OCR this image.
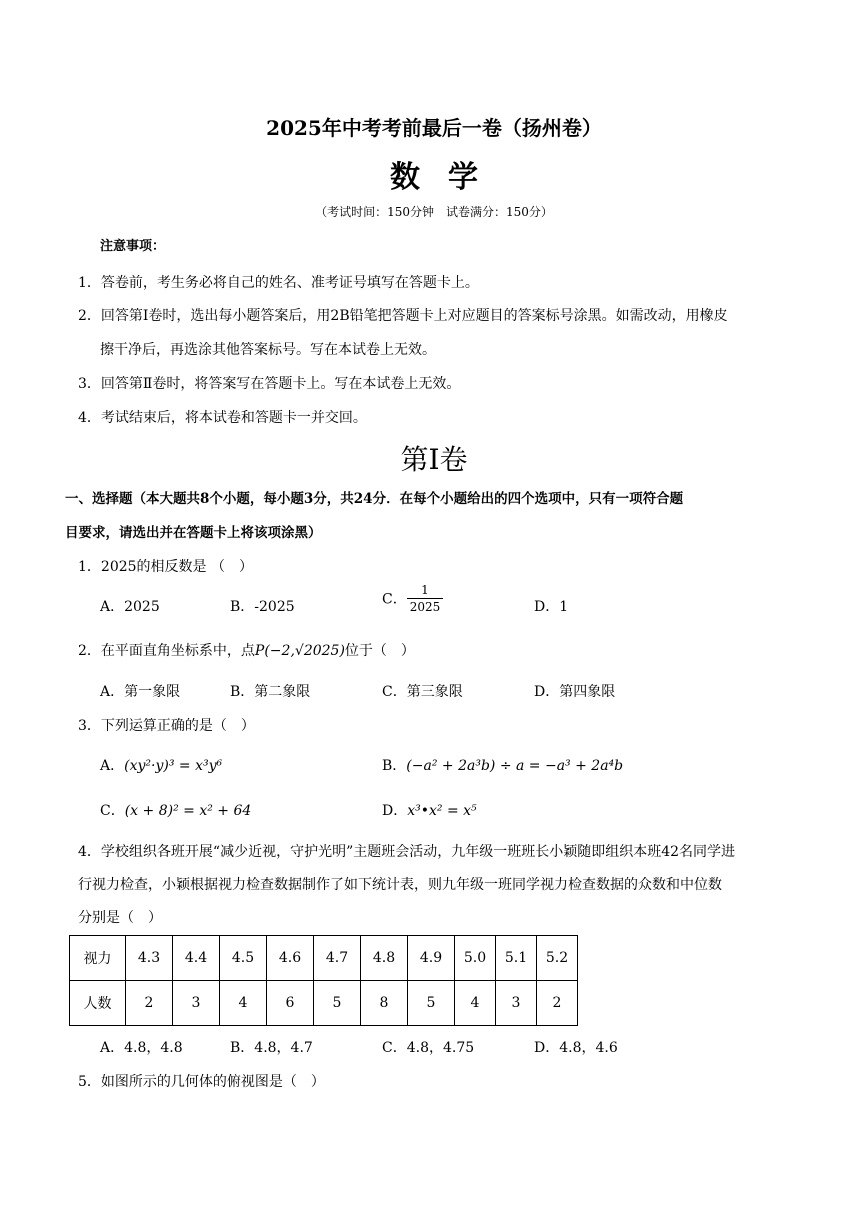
2025年中考考前最后一卷（扬州卷）
数学
（考试时间：150分钟　试卷满分：150分）
注意事项：
1．答卷前，考生务必将自己的姓名、准考证号填写在答题卡上。
2．回答第Ⅰ卷时，选出每小题答案后，用2B铅笔把答题卡上对应题目的答案标号涂黑。如需改动，用橡皮
擦干净后，再选涂其他答案标号。写在本试卷上无效。
3．回答第Ⅱ卷时，将答案写在答题卡上。写在本试卷上无效。
4．考试结束后，将本试卷和答题卡一并交回。
第Ⅰ卷
一、选择题（本大题共8个小题，每小题3分，共24分．在每个小题给出的四个选项中，只有一项符合题
目要求，请选出并在答题卡上将该项涂黑）
1．2025的相反数是 （　）
A．2025	B．-2025	C． $\frac{1}{2025}$	D．1
2．在平面直角坐标系中，点P(−2,√2025)位于（　）
A．第一象限	B．第二象限	C．第三象限	D．第四象限
3．下列运算正确的是（　）
A．(xy²·y)³ = x³y⁶	B．(−a² + 2a³b) ÷ a = −a³ + 2a⁴b
C．(x + 8)² = x² + 64	D．x³•x² = x⁵
4．学校组织各班开展“减少近视，守护光明”主题班会活动，九年级一班班长小颖随即组织本班42名同学进
行视力检查，小颖根据视力检查数据制作了如下统计表，则九年级一班同学视力检查数据的众数和中位数
分别是（　）
视力	4.3	4.4	4.5	4.6	4.7	4.8	4.9	5.0	5.1	5.2
人数	2	3	4	6	5	8	5	4	3	2
A．4.8，4.8	B．4.8，4.7	C．4.8，4.75	D．4.8，4.6
5．如图所示的几何体的俯视图是（　）
